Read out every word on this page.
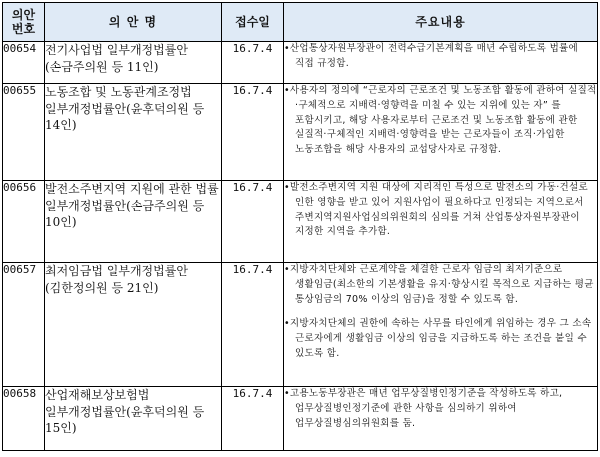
의안
번호	의 안 명	접수일	주요내용
00654	전기사업법 일부개정법률안(손금주의원 등 11인)	16.7.4	•산업통상자원부장관이 전력수급기본계획을 매년 수립하도록 법률에 직접 규정함.

00655	노동조합 및 노동관계조정법 일부개정법률안(윤후덕의원 등 14인)	16.7.4	•사용자의 정의에 “근로자의 근로조건 및 노동조합 활동에 관하여 실질적·구체적으로 지배력·영향력을 미칠 수 있는 지위에 있는 자” 를 포함시키고, 해당 사용자로부터 근로조건 및 노동조합 활동에 관한 실질적·구체적인 지배력·영향력을 받는 근로자들이 조직·가입한 노동조합을 해당 사용자의 교섭당사자로 규정함.

00656	발전소주변지역 지원에 관한 법률 일부개정법률안(손금주의원 등 10인)	16.7.4	•발전소주변지역 지원 대상에 지리적인 특성으로 발전소의 가동·건설로 인한 영향을 받고 있어 지원사업이 필요하다고 인정되는 지역으로서 주변지역지원사업심의위원회의 심의를 거쳐 산업통상자원부장관이 지정한 지역을 추가함.

00657	최저임금법 일부개정법률안(김한정의원 등 21인)	16.7.4	•지방자치단체와 근로계약을 체결한 근로자 임금의 최저기준으로 생활임금(최소한의 기본생활을 유지·향상시킬 목적으로 지급하는 평균 통상임금의 70% 이상의 임금)을 정할 수 있도록 함.
•지방자치단체의 권한에 속하는 사무를 타인에게 위임하는 경우 그 소속 근로자에게 생활임금 이상의 임금을 지급하도록 하는 조건을 붙일 수 있도록 함.

00658	산업재해보상보험법 일부개정법률안(윤후덕의원 등 15인)	16.7.4	•고용노동부장관은 매년 업무상질병인정기준을 작성하도록 하고, 업무상질병인정기준에 관한 사항을 심의하기 위하여 업무상질병심의위원회를 둠.
